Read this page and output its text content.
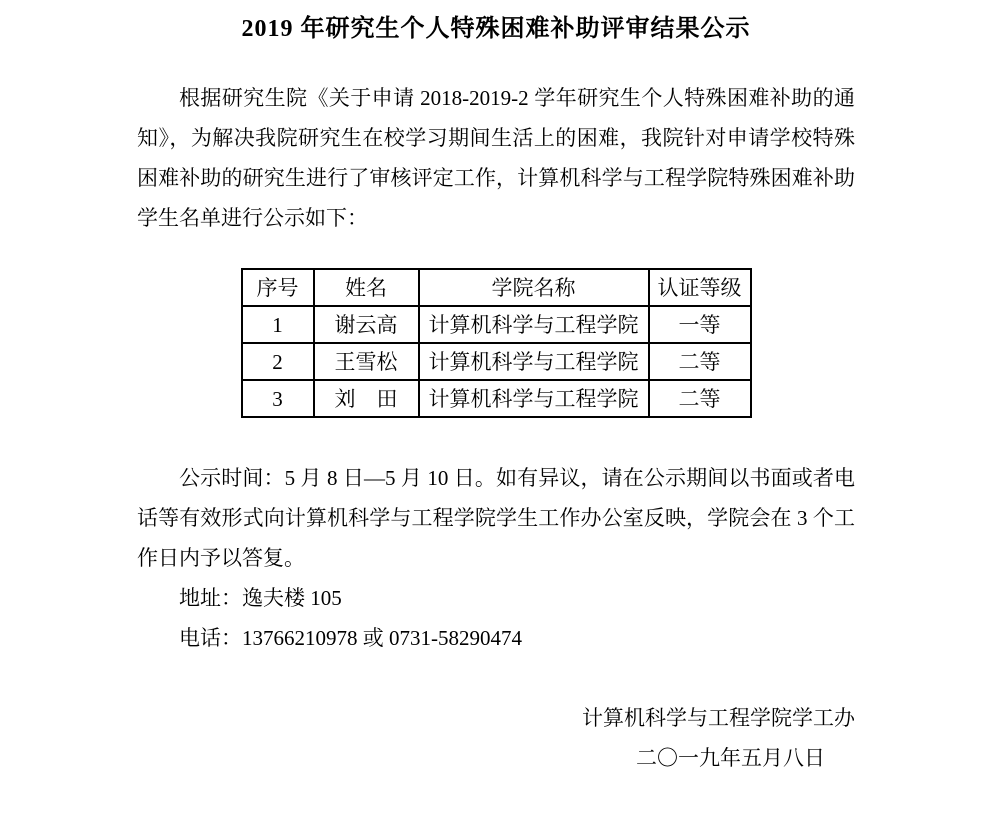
2019 年研究生个人特殊困难补助评审结果公示

根据研究生院《关于申请 2018-2019-2 学年研究生个人特殊困难补助的通知》，为解决我院研究生在校学习期间生活上的困难，我院针对申请学校特殊困难补助的研究生进行了审核评定工作，计算机科学与工程学院特殊困难补助学生名单进行公示如下：

序号	姓名	学院名称	认证等级
1	谢云高	计算机科学与工程学院	一等
2	王雪松	计算机科学与工程学院	二等
3	刘　田	计算机科学与工程学院	二等

公示时间：5 月 8 日—5 月 10 日。如有异议，请在公示期间以书面或者电话等有效形式向计算机科学与工程学院学生工作办公室反映，学院会在 3 个工作日内予以答复。

地址：逸夫楼 105

电话：13766210978 或 0731-58290474

计算机科学与工程学院学工办
二〇一九年五月八日
